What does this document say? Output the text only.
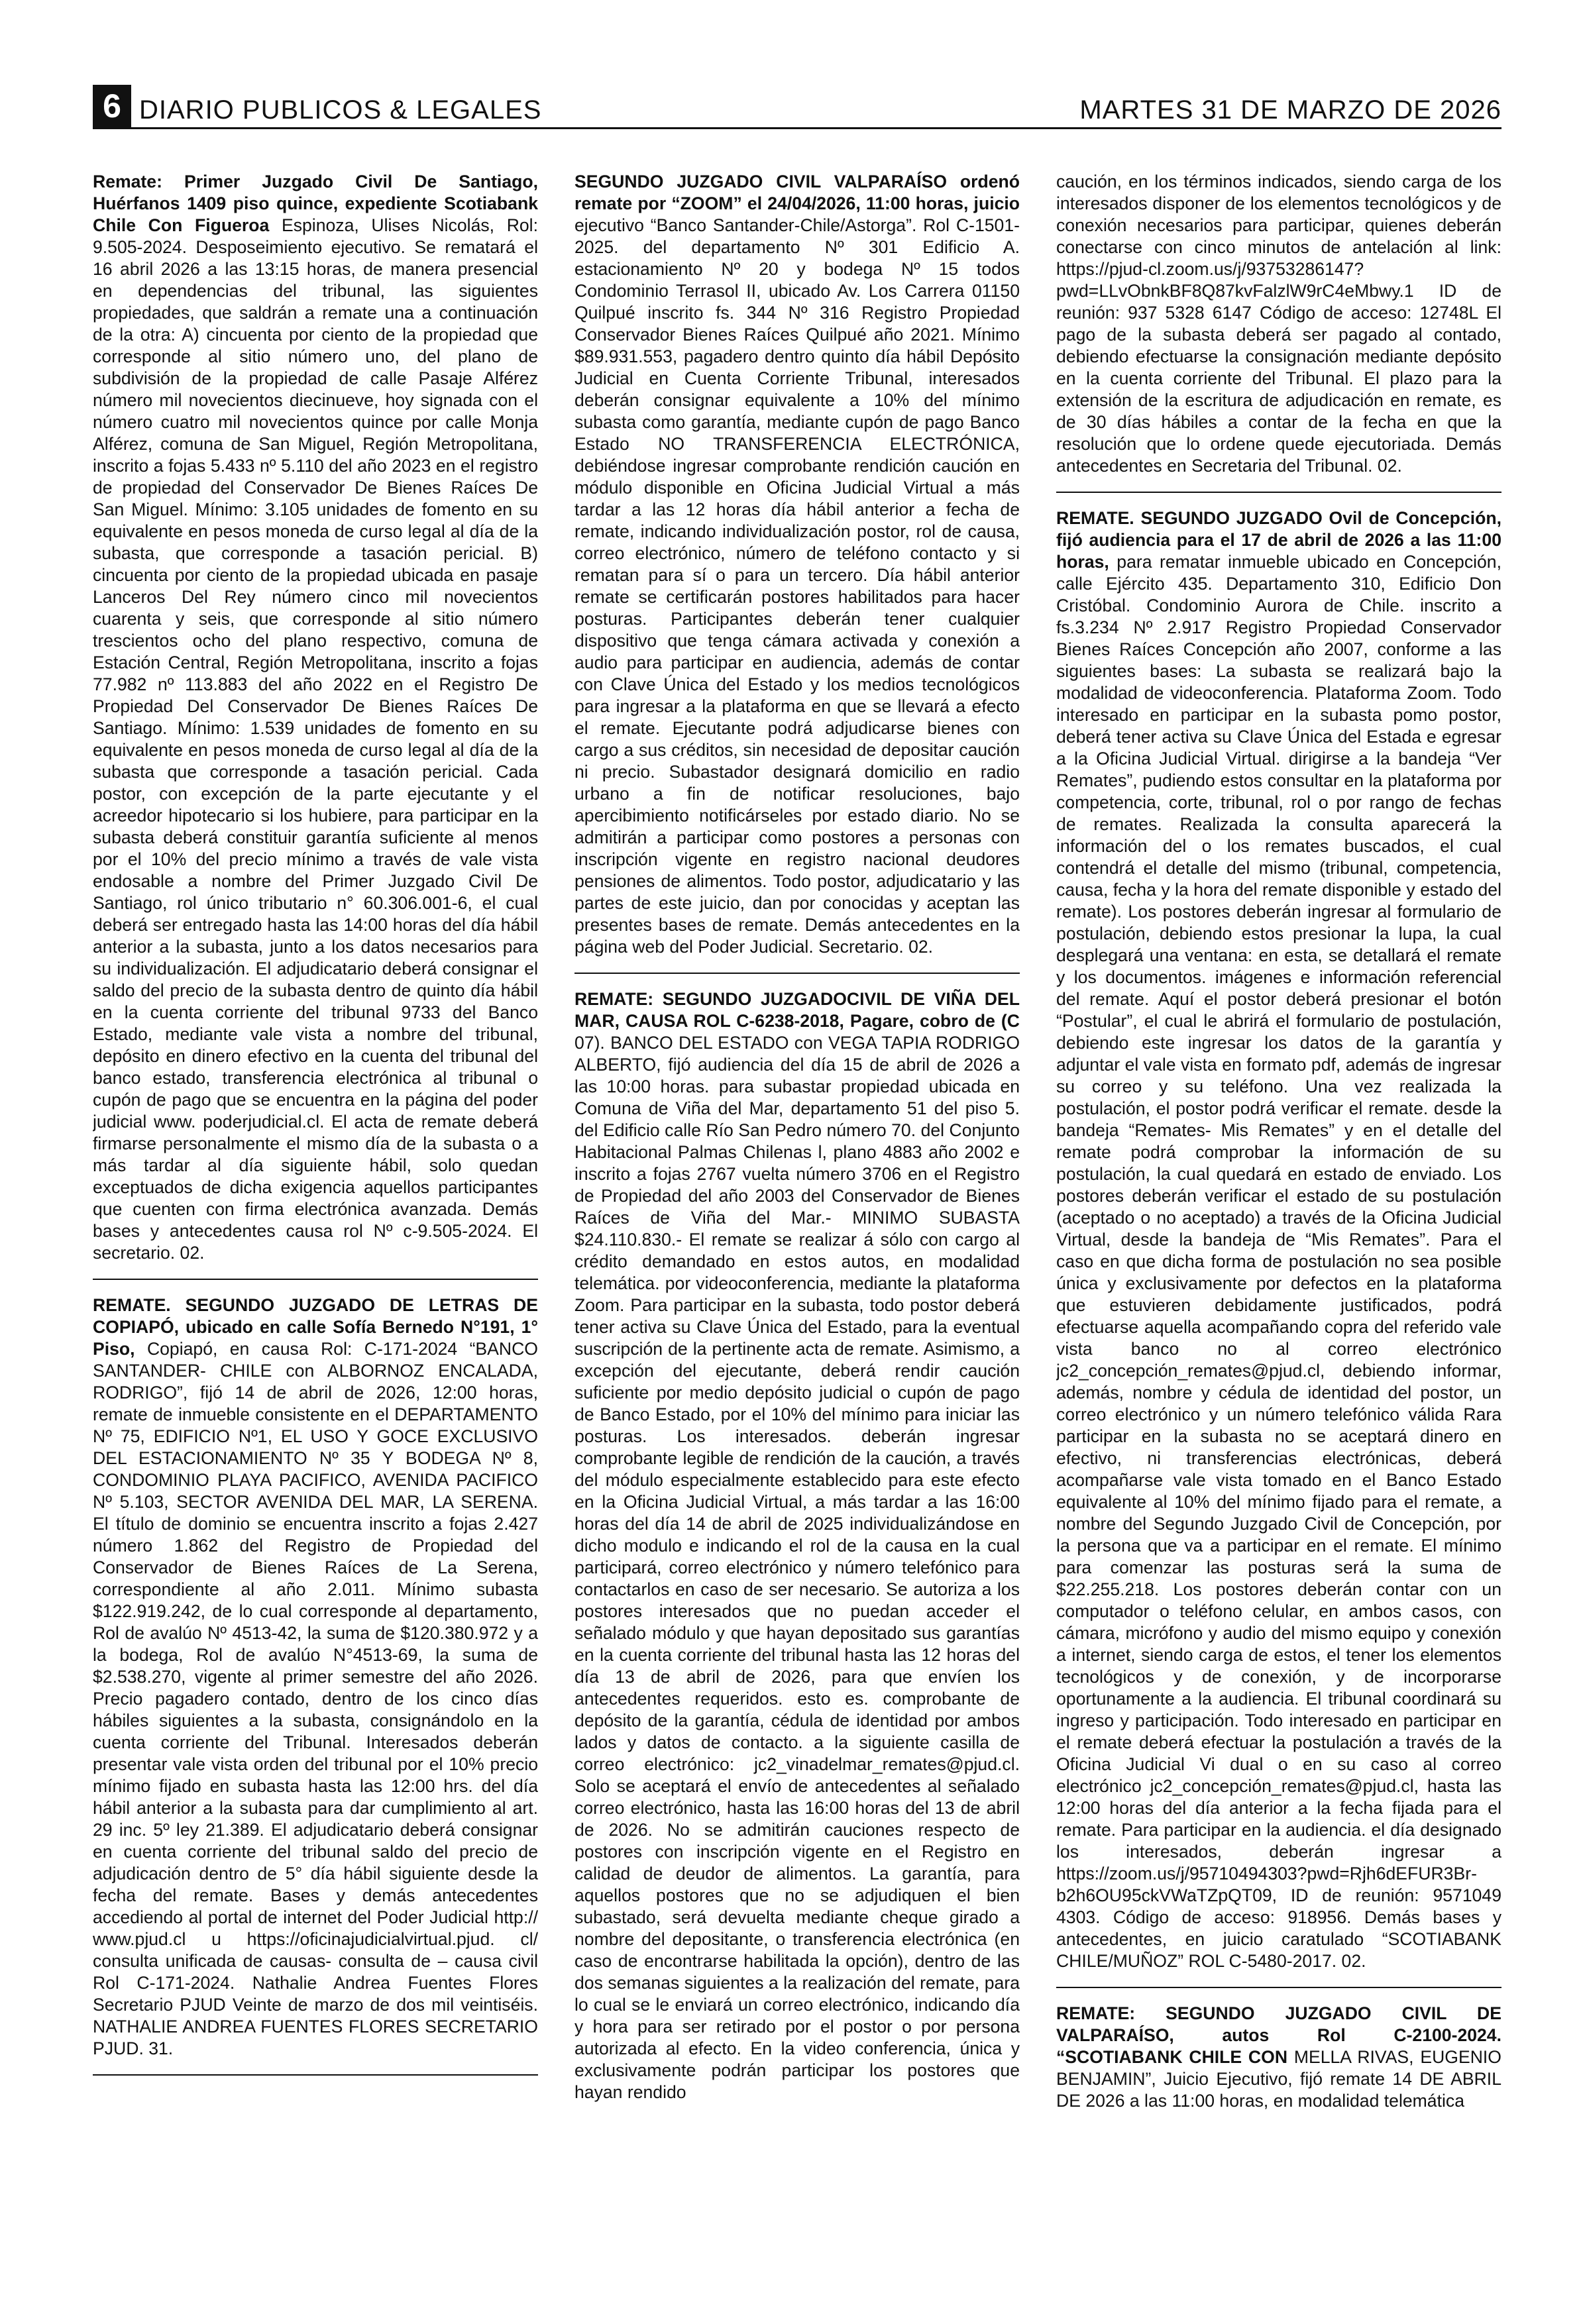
6 DIARIO PUBLICOS & LEGALES	MARTES 31 DE MARZO DE 2026
Remate: Primer Juzgado Civil De Santiago, Huérfanos 1409 piso quince, expediente Scotiabank Chile Con Figueroa Espinoza, Ulises Nicolás, Rol: 9.505-2024. Desposeimiento ejecutivo. Se rematará el 16 abril 2026 a las 13:15 horas, de manera presencial en dependencias del tribunal, las siguientes propiedades, que saldrán a remate una a continuación de la otra: A) cincuenta por ciento de la propiedad que corresponde al sitio número uno, del plano de subdivisión de la propiedad de calle Pasaje Alférez número mil novecientos diecinueve, hoy signada con el número cuatro mil novecientos quince por calle Monja Alférez, comuna de San Miguel, Región Metropolitana, inscrito a fojas 5.433 nº 5.110 del año 2023 en el registro de propiedad del Conservador De Bienes Raíces De San Miguel. Mínimo: 3.105 unidades de fomento en su equivalente en pesos moneda de curso legal al día de la subasta, que corresponde a tasación pericial. B) cincuenta por ciento de la propiedad ubicada en pasaje Lanceros Del Rey número cinco mil novecientos cuarenta y seis, que corresponde al sitio número trescientos ocho del plano respectivo, comuna de Estación Central, Región Metropolitana, inscrito a fojas 77.982 nº 113.883 del año 2022 en el Registro De Propiedad Del Conservador De Bienes Raíces De Santiago. Mínimo: 1.539 unidades de fomento en su equivalente en pesos moneda de curso legal al día de la subasta que corresponde a tasación pericial. Cada postor, con excepción de la parte ejecutante y el acreedor hipotecario si los hubiere, para participar en la subasta deberá constituir garantía suficiente al menos por el 10% del precio mínimo a través de vale vista endosable a nombre del Primer Juzgado Civil De Santiago, rol único tributario n° 60.306.001-6, el cual deberá ser entregado hasta las 14:00 horas del día hábil anterior a la subasta, junto a los datos necesarios para su individualización. El adjudicatario deberá consignar el saldo del precio de la subasta dentro de quinto día hábil en la cuenta corriente del tribunal 9733 del Banco Estado, mediante vale vista a nombre del tribunal, depósito en dinero efectivo en la cuenta del tribunal del banco estado, transferencia electrónica al tribunal o cupón de pago que se encuentra en la página del poder judicial www. poderjudicial.cl. El acta de remate deberá firmarse personalmente el mismo día de la subasta o a más tardar al día siguiente hábil, solo quedan exceptuados de dicha exigencia aquellos participantes que cuenten con firma electrónica avanzada. Demás bases y antecedentes causa rol Nº c-9.505-2024. El secretario. 02.
REMATE. SEGUNDO JUZGADO DE LETRAS DE COPIAPÓ, ubicado en calle Sofía Bernedo N°191, 1° Piso, Copiapó, en causa Rol: C-171-2024 “BANCO SANTANDER- CHILE con ALBORNOZ ENCALADA, RODRIGO”, fijó 14 de abril de 2026, 12:00 horas, remate de inmueble consistente en el DEPARTAMENTO Nº 75, EDIFICIO Nº1, EL USO Y GOCE EXCLUSIVO DEL ESTACIONAMIENTO Nº 35 Y BODEGA Nº 8, CONDOMINIO PLAYA PACIFICO, AVENIDA PACIFICO Nº 5.103, SECTOR AVENIDA DEL MAR, LA SERENA. El título de dominio se encuentra inscrito a fojas 2.427 número 1.862 del Registro de Propiedad del Conservador de Bienes Raíces de La Serena, correspondiente al año 2.011. Mínimo subasta $122.919.242, de lo cual corresponde al departamento, Rol de avalúo Nº 4513-42, la suma de $120.380.972 y a la bodega, Rol de avalúo N°4513-69, la suma de $2.538.270, vigente al primer semestre del año 2026. Precio pagadero contado, dentro de los cinco días hábiles siguientes a la subasta, consignándolo en la cuenta corriente del Tribunal. Interesados deberán presentar vale vista orden del tribunal por el 10% precio mínimo fijado en subasta hasta las 12:00 hrs. del día hábil anterior a la subasta para dar cumplimiento al art. 29 inc. 5º ley 21.389. El adjudicatario deberá consignar en cuenta corriente del tribunal saldo del precio de adjudicación dentro de 5° día hábil siguiente desde la fecha del remate. Bases y demás antecedentes accediendo al portal de internet del Poder Judicial http:// www.pjud.cl u https://oficinajudicialvirtual.pjud. cl/ consulta unificada de causas- consulta de – causa civil Rol C-171-2024. Nathalie Andrea Fuentes Flores Secretario PJUD Veinte de marzo de dos mil veintiséis. NATHALIE ANDREA FUENTES FLORES SECRETARIO PJUD. 31.
SEGUNDO JUZGADO CIVIL VALPARAÍSO ordenó remate por “ZOOM” el 24/04/2026, 11:00 horas, juicio ejecutivo “Banco Santander-Chile/Astorga”. Rol C-1501-2025. del departamento Nº 301 Edificio A. estacionamiento Nº 20 y bodega Nº 15 todos Condominio Terrasol II, ubicado Av. Los Carrera 01150 Quilpué inscrito fs. 344 Nº 316 Registro Propiedad Conservador Bienes Raíces Quilpué año 2021. Mínimo $89.931.553, pagadero dentro quinto día hábil Depósito Judicial en Cuenta Corriente Tribunal, interesados deberán consignar equivalente a 10% del mínimo subasta como garantía, mediante cupón de pago Banco Estado NO TRANSFERENCIA ELECTRÓNICA, debiéndose ingresar comprobante rendición caución en módulo disponible en Oficina Judicial Virtual a más tardar a las 12 horas día hábil anterior a fecha de remate, indicando individualización postor, rol de causa, correo electrónico, número de teléfono contacto y si rematan para sí o para un tercero. Día hábil anterior remate se certificarán postores habilitados para hacer posturas. Participantes deberán tener cualquier dispositivo que tenga cámara activada y conexión a audio para participar en audiencia, además de contar con Clave Única del Estado y los medios tecnológicos para ingresar a la plataforma en que se llevará a efecto el remate. Ejecutante podrá adjudicarse bienes con cargo a sus créditos, sin necesidad de depositar caución ni precio. Subastador designará domicilio en radio urbano a fin de notificar resoluciones, bajo apercibimiento notificárseles por estado diario. No se admitirán a participar como postores a personas con inscripción vigente en registro nacional deudores pensiones de alimentos. Todo postor, adjudicatario y las partes de este juicio, dan por conocidas y aceptan las presentes bases de remate. Demás antecedentes en la página web del Poder Judicial. Secretario. 02.
REMATE: SEGUNDO JUZGADOCIVIL DE VIÑA DEL MAR, CAUSA ROL C-6238-2018, Pagare, cobro de (C 07). BANCO DEL ESTADO con VEGA TAPIA RODRIGO ALBERTO, fijó audiencia del día 15 de abril de 2026 a las 10:00 horas. para subastar propiedad ubicada en Comuna de Viña del Mar, departamento 51 del piso 5. del Edificio calle Río San Pedro número 70. del Conjunto Habitacional Palmas Chilenas l, plano 4883 año 2002 e inscrito a fojas 2767 vuelta número 3706 en el Registro de Propiedad del año 2003 del Conservador de Bienes Raíces de Viña del Mar.- MINIMO SUBASTA $24.110.830.- El remate se realizar á sólo con cargo al crédito demandado en estos autos, en modalidad telemática. por videoconferencia, mediante la plataforma Zoom. Para participar en la subasta, todo postor deberá tener activa su Clave Única del Estado, para la eventual suscripción de la pertinente acta de remate. Asimismo, a excepción del ejecutante, deberá rendir caución suficiente por medio depósito judicial o cupón de pago de Banco Estado, por el 10% del mínimo para iniciar las posturas. Los interesados. deberán ingresar comprobante legible de rendición de la caución, a través del módulo especialmente establecido para este efecto en la Oficina Judicial Virtual, a más tardar a las 16:00 horas del día 14 de abril de 2025 individualizándose en dicho modulo e indicando el rol de la causa en la cual participará, correo electrónico y número telefónico para contactarlos en caso de ser necesario. Se autoriza a los postores interesados que no puedan acceder el señalado módulo y que hayan depositado sus garantías en la cuenta corriente del tribunal hasta las 12 horas del día 13 de abril de 2026, para que envíen los antecedentes requeridos. esto es. comprobante de depósito de la garantía, cédula de identidad por ambos lados y datos de contacto. a la siguiente casilla de correo electrónico: jc2_vinadelmar_remates@pjud.cl. Solo se aceptará el envío de antecedentes al señalado correo electrónico, hasta las 16:00 horas del 13 de abril de 2026. No se admitirán cauciones respecto de postores con inscripción vigente en el Registro en calidad de deudor de alimentos. La garantía, para aquellos postores que no se adjudiquen el bien subastado, será devuelta mediante cheque girado a nombre del depositante, o transferencia electrónica (en caso de encontrarse habilitada la opción), dentro de las dos semanas siguientes a la realización del remate, para lo cual se le enviará un correo electrónico, indicando día y hora para ser retirado por el postor o por persona autorizada al efecto. En la video conferencia, única y exclusivamente podrán participar los postores que hayan rendido
caución, en los términos indicados, siendo carga de los interesados disponer de los elementos tecnológicos y de conexión necesarios para participar, quienes deberán conectarse con cinco minutos de antelación al link: https://pjud-cl.zoom.us/j/93753286147?pwd=LLvObnkBF8Q87kvFalzlW9rC4eMbwy.1 ID de reunión: 937 5328 6147 Código de acceso: 12748L El pago de la subasta deberá ser pagado al contado, debiendo efectuarse la consignación mediante depósito en la cuenta corriente del Tribunal. El plazo para la extensión de la escritura de adjudicación en remate, es de 30 días hábiles a contar de la fecha en que la resolución que lo ordene quede ejecutoriada. Demás antecedentes en Secretaria del Tribunal. 02.
REMATE. SEGUNDO JUZGADO Ovil de Concepción, fijó audiencia para el 17 de abril de 2026 a las 11:00 horas, para rematar inmueble ubicado en Concepción, calle Ejército 435. Departamento 310, Edificio Don Cristóbal. Condominio Aurora de Chile. inscrito a fs.3.234 Nº 2.917 Registro Propiedad Conservador Bienes Raíces Concepción año 2007, conforme a las siguientes bases: La subasta se realizará bajo la modalidad de videoconferencia. Plataforma Zoom. Todo interesado en participar en la subasta pomo postor, deberá tener activa su Clave Única del Estada e egresar a la Oficina Judicial Virtual. dirigirse a la bandeja “Ver Remates”, pudiendo estos consultar en la plataforma por competencia, corte, tribunal, rol o por rango de fechas de remates. Realizada la consulta aparecerá la información del o los remates buscados, el cual contendrá el detalle del mismo (tribunal, competencia, causa, fecha y la hora del remate disponible y estado del remate). Los postores deberán ingresar al formulario de postulación, debiendo estos presionar la lupa, la cual desplegará una ventana: en esta, se detallará el remate y los documentos. imágenes e información referencial del remate. Aquí el postor deberá presionar el botón “Postular”, el cual le abrirá el formulario de postulación, debiendo este ingresar los datos de la garantía y adjuntar el vale vista en formato pdf, además de ingresar su correo y su teléfono. Una vez realizada la postulación, el postor podrá verificar el remate. desde la bandeja “Remates- Mis Remates” y en el detalle del remate podrá comprobar la información de su postulación, la cual quedará en estado de enviado. Los postores deberán verificar el estado de su postulación (aceptado o no aceptado) a través de la Oficina Judicial Virtual, desde la bandeja de “Mis Remates”. Para el caso en que dicha forma de postulación no sea posible única y exclusivamente por defectos en la plataforma que estuvieren debidamente justificados, podrá efectuarse aquella acompañando copra del referido vale vista banco no al correo electrónico jc2_concepción_remates@pjud.cl, debiendo informar, además, nombre y cédula de identidad del postor, un correo electrónico y un número telefónico válida Rara participar en la subasta no se aceptará dinero en efectivo, ni transferencias electrónicas, deberá acompañarse vale vista tomado en el Banco Estado equivalente al 10% del mínimo fijado para el remate, a nombre del Segundo Juzgado Civil de Concepción, por la persona que va a participar en el remate. El mínimo para comenzar las posturas será la suma de $22.255.218. Los postores deberán contar con un computador o teléfono celular, en ambos casos, con cámara, micrófono y audio del mismo equipo y conexión a internet, siendo carga de estos, el tener los elementos tecnológicos y de conexión, y de incorporarse oportunamente a la audiencia. El tribunal coordinará su ingreso y participación. Todo interesado en participar en el remate deberá efectuar la postulación a través de la Oficina Judicial Vi dual o en su caso al correo electrónico jc2_concepción_remates@pjud.cl, hasta las 12:00 horas del día anterior a la fecha fijada para el remate. Para participar en la audiencia. el día designado los interesados, deberán ingresar a https://zoom.us/j/95710494303?pwd=Rjh6dEFUR3Br-b2h6OU95ckVWaTZpQT09, ID de reunión: 9571049 4303. Código de acceso: 918956. Demás bases y antecedentes, en juicio caratulado “SCOTIABANK CHILE/MUÑOZ” ROL C-5480-2017. 02.
REMATE: SEGUNDO JUZGADO CIVIL DE VALPARAÍSO, autos Rol C-2100-2024. “SCOTIABANK CHILE CON MELLA RIVAS, EUGENIO BENJAMIN”, Juicio Ejecutivo, fijó remate 14 DE ABRIL DE 2026 a las 11:00 horas, en modalidad telemática
